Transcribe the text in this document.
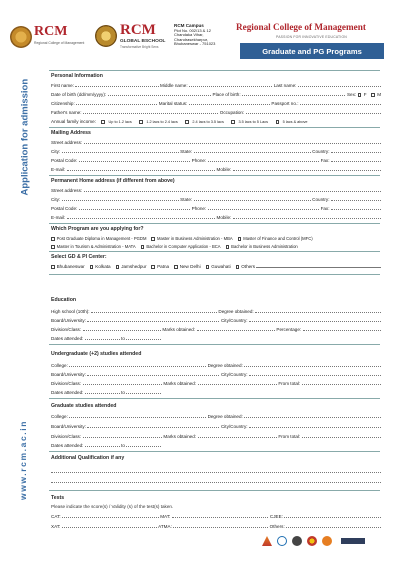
RCM
Regional College of Management
RCM
GLOBAL BSCHOOL
Transformative Bright Sens
RCM Campus
Plot No. 002/13 & 12
Chandaka Vihar,
Chandrasekharpur,
Bhubaneswar - 751023
Regional College of Management
PASSION FOR INNOVATIVE EDUCATION
Graduate and PG Programs
Application for admission
www.rcm.ac.in
Personal Information
First name:	Middle name:	Last name:
Date of birth (dd/mm/yyyy):	Place of birth:	Sex: F M
Citizenship:	Marital status:	Passport no.:
Father's name:	Occupation:
Annual family income:	Up to 1.2 lacs	1.2 lacs to 2.4 lacs	2.4 lacs to 3.5 lacs	3.5 lacs to 5 Lacs	5 lacs & above
Mailing Address
Street address:
City:	State:	Country:
Postal Code:	Phone:	Fax:
E-mail:	Mobile:
Permanent Home address (if different from above)
Street address:
City:	State:	Country:
Postal Code:	Phone:	Fax:
E-mail:	Mobile:
Which Program are you applying for?
Post Graduate Diploma in Management - PGDM	Master in Business Administration - MBA	Master of Finance and Control (MFC)
Master in Tourism & Administration - MATA	Bachelor in Computer Application - BCA	Bachelor in Business Administration
Select GD & PI Center:
Bhubaneswar Kolkata Jamshedpur Patna New Delhi Guwahati Others
Education
High school (10th):	Degree obtained:
Board/University:	City/Country:
Division/Class:	Marks obtained:	Percentage:
Dates attended:	to
Undergraduate (+2) studies attended
College:	Degree obtained:
Board/University:	City/Country:
Division/Class:	Marks obtained:	From total:
Dates attended:	to
Graduate studies attended
College:	Degree obtained:
Board/University:	City/Country:
Division/Class:	Marks obtained:	From total:
Dates attended:	to
Additional Qualification if any
Tests
Please indicate the score(s) / Validity (s) of the test(s) taken.
CAT:	MAT:	CJEE:
XAT:	ATMA:	Others:
